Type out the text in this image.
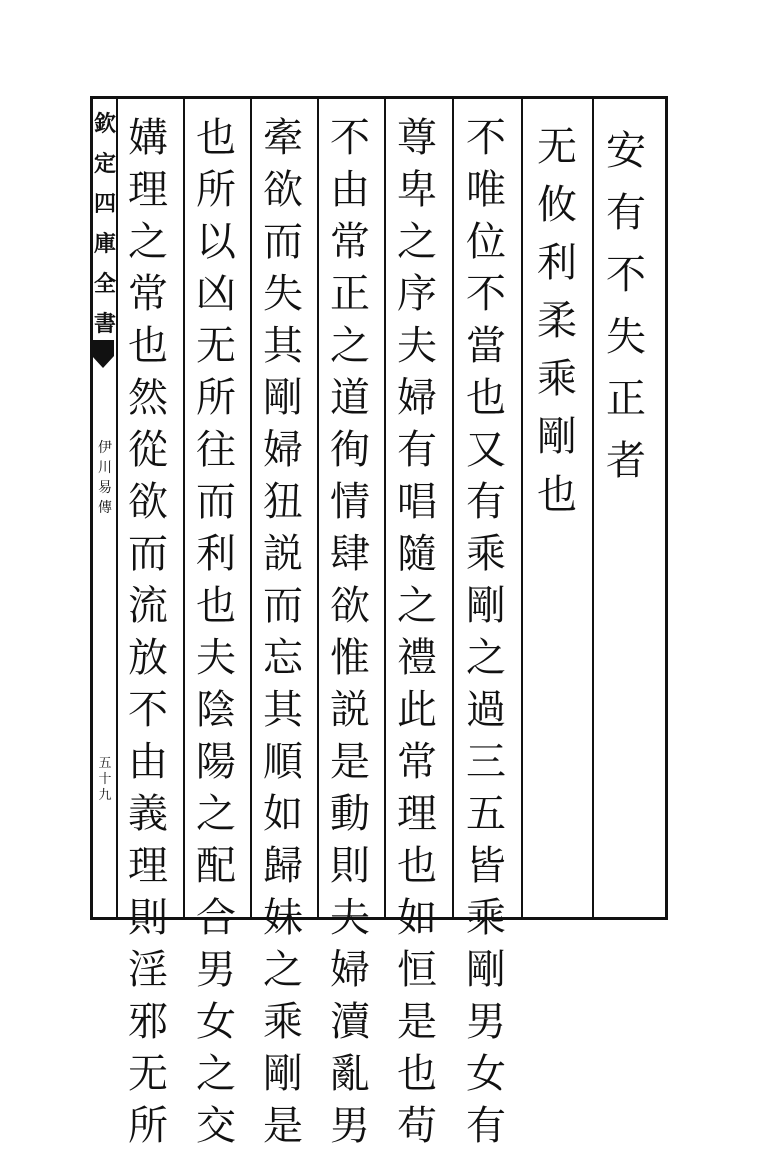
欽
定
四
庫
全
書
伊
川
易
傳
五
十
九
安
有
不
失
正
者
无
攸
利
柔
乘
剛
也
不
唯
位
不
當
也
又
有
乘
剛
之
過
三
五
皆
乘
剛
男
女
有
尊
卑
之
序
夫
婦
有
唱
隨
之
禮
此
常
理
也
如
恒
是
也
苟
不
由
常
正
之
道
徇
情
肆
欲
惟
説
是
動
則
夫
婦
瀆
亂
男
牽
欲
而
失
其
剛
婦
狃
説
而
忘
其
順
如
歸
妹
之
乘
剛
是
也
所
以
凶
无
所
往
而
利
也
夫
陰
陽
之
配
合
男
女
之
交
媾
理
之
常
也
然
從
欲
而
流
放
不
由
義
理
則
淫
邪
无
所
